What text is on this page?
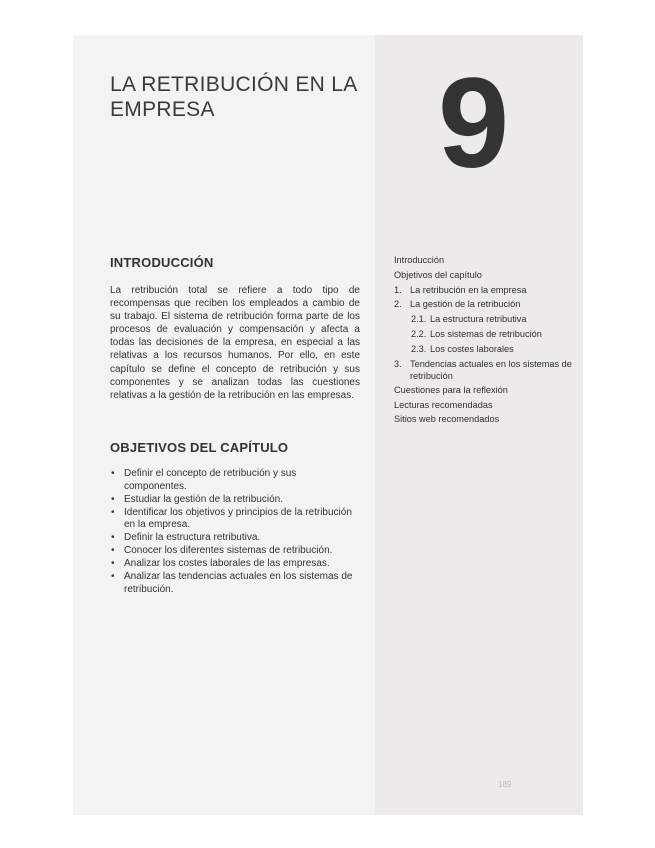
LA RETRIBUCIÓN EN LA
EMPRESA	9
INTRODUCCIÓN

La retribución total se refiere a todo tipo de recompensas que reciben los empleados a cambio de su trabajo. El sistema de retribución forma parte de los procesos de evaluación y compensación y afecta a todas las decisiones de la empresa, en especial a las relativas a los recursos humanos. Por ello, en este capítulo se define el concepto de retribución y sus componentes y se analizan todas las cuestiones relativas a la gestión de la retribución en las empresas.

OBJETIVOS DEL CAPÍTULO
• Definir el concepto de retribución y sus componentes.
• Estudiar la gestión de la retribución.
• Identificar los objetivos y principios de la retribución en la empresa.
• Definir la estructura retributiva.
• Conocer los diferentes sistemas de retribución.
• Analizar los costes laborales de las empresas.
• Analizar las tendencias actuales en los sistemas de retribución.
Introducción
Objetivos del capítulo
1. La retribución en la empresa
2. La gestión de la retribución
2.1. La estructura retributiva
2.2. Los sistemas de retribución
2.3. Los costes laborales
3. Tendencias actuales en los sistemas de retribución
Cuestiones para la reflexión
Lecturas recomendadas
Sitios web recomendados
189
